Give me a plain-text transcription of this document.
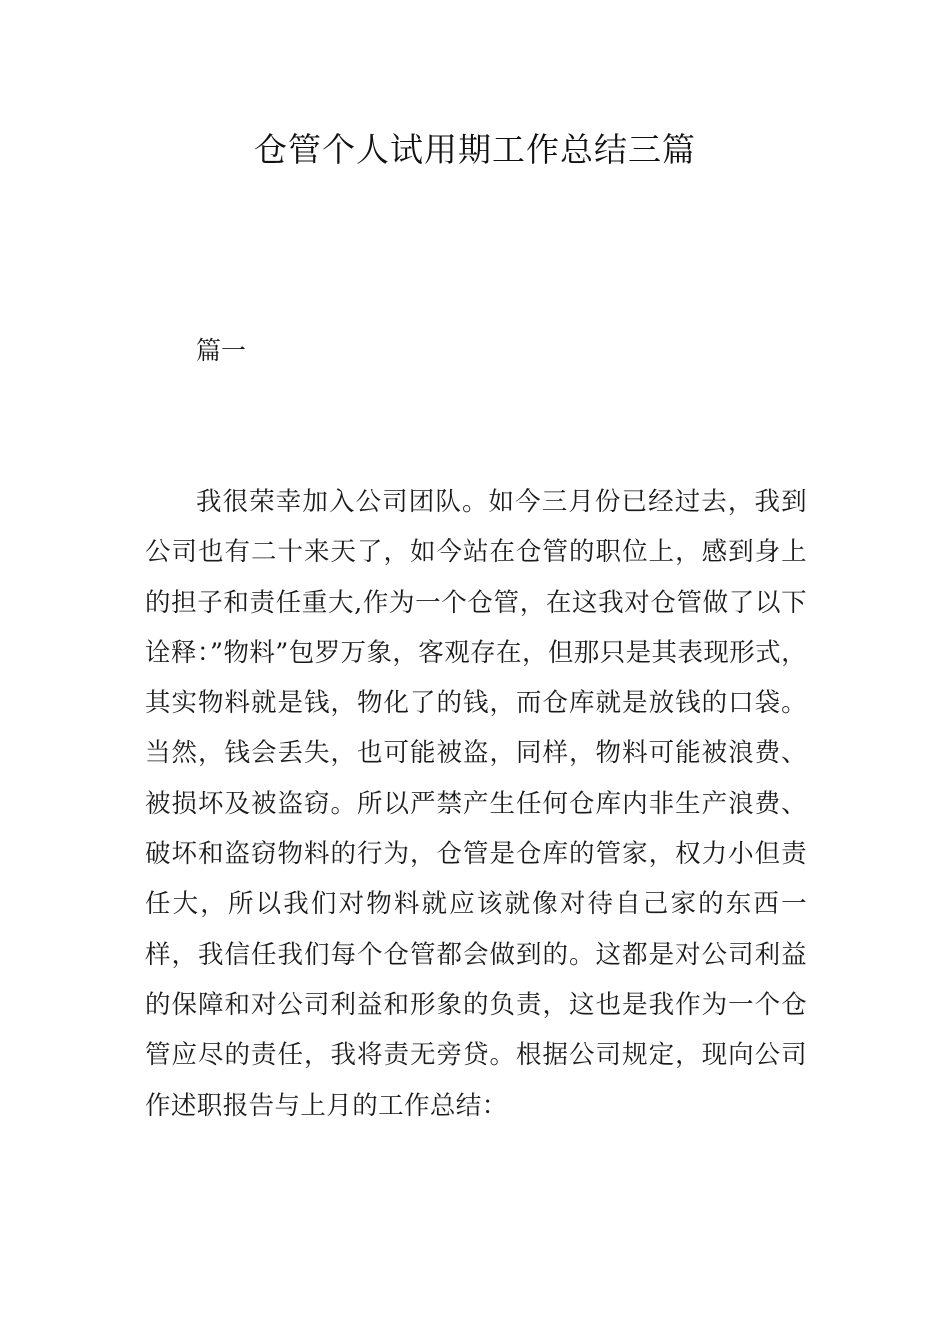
仓管个人试用期工作总结三篇
篇一

我很荣幸加入公司团队。如今三月份已经过去，我到公司也有二十来天了，如今站在仓管的职位上，感到身上的担子和责任重大,作为一个仓管，在这我对仓管做了以下诠释：”物料”包罗万象，客观存在，但那只是其表现形式，其实物料就是钱，物化了的钱，而仓库就是放钱的口袋。当然，钱会丢失，也可能被盗，同样，物料可能被浪费、被损坏及被盗窃。所以严禁产生任何仓库内非生产浪费、破坏和盗窃物料的行为，仓管是仓库的管家，权力小但责任大，所以我们对物料就应该就像对待自己家的东西一样，我信任我们每个仓管都会做到的。这都是对公司利益的保障和对公司利益和形象的负责，这也是我作为一个仓管应尽的责任，我将责无旁贷。根据公司规定，现向公司作述职报告与上月的工作总结：
